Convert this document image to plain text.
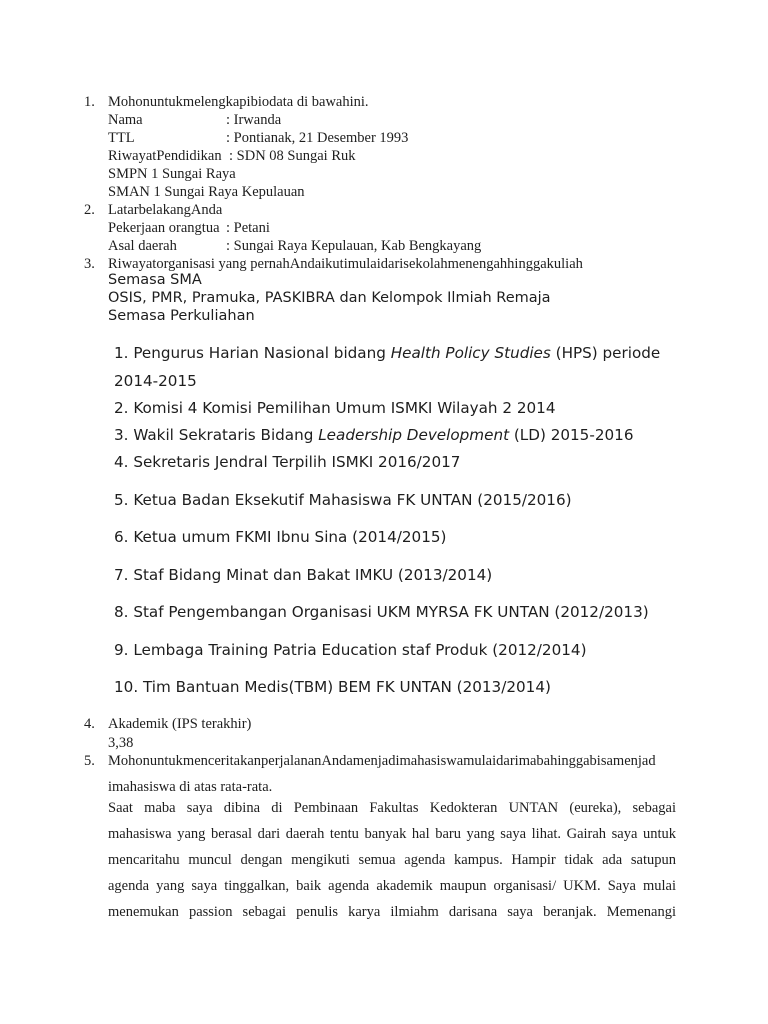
1. Mohonuntukmelengkapibiodata di bawahini.
Nama	: Irwanda
TTL	: Pontianak, 21 Desember 1993
RiwayatPendidikan : SDN 08 Sungai Ruk
SMPN 1 Sungai Raya
SMAN 1 Sungai Raya Kepulauan
2. LatarbelakangAnda
Pekerjaan orangtua : Petani
Asal daerah	: Sungai Raya Kepulauan, Kab Bengkayang
3. Riwayatorganisasi yang pernahAndaikutimulaidarisekolahmenengahhinggakuliah
Semasa SMA
OSIS, PMR, Pramuka, PASKIBRA dan Kelompok Ilmiah Remaja
Semasa Perkuliahan
1. Pengurus Harian Nasional bidang Health Policy Studies (HPS) periode
2014-2015
2. Komisi 4 Komisi Pemilihan Umum ISMKI Wilayah 2 2014
3. Wakil Sekrataris Bidang Leadership Development (LD) 2015-2016
4. Sekretaris Jendral Terpilih ISMKI 2016/2017
5. Ketua Badan Eksekutif Mahasiswa FK UNTAN (2015/2016)
6. Ketua umum FKMI Ibnu Sina (2014/2015)
7. Staf Bidang Minat dan Bakat IMKU (2013/2014)
8. Staf Pengembangan Organisasi UKM MYRSA FK UNTAN (2012/2013)
9. Lembaga Training Patria Education staf Produk (2012/2014)
10. Tim Bantuan Medis(TBM) BEM FK UNTAN (2013/2014)
4. Akademik (IPS terakhir)
3,38
5. MohonuntukmenceritakanperjalananAndamenjadimahasiswamulaidarimabahinggabisamenjad
imahasiswa di atas rata-rata.
Saat maba saya dibina di Pembinaan Fakultas Kedokteran UNTAN (eureka), sebagai
mahasiswa yang berasal dari daerah tentu banyak hal baru yang saya lihat. Gairah saya untuk
mencaritahu muncul dengan mengikuti semua agenda kampus. Hampir tidak ada satupun
agenda yang saya tinggalkan, baik agenda akademik maupun organisasi/ UKM. Saya mulai
menemukan passion sebagai penulis karya ilmiahm darisana saya beranjak. Memenangi
